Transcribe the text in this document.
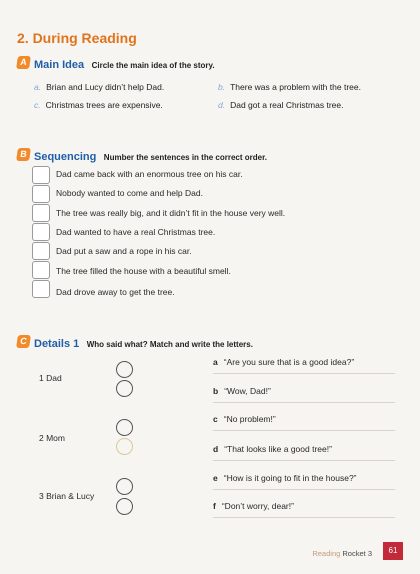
2. During Reading
A Main Idea Circle the main idea of the story.
a. Brian and Lucy didn’t help Dad.	b. There was a problem with the tree.
c. Christmas trees are expensive.	d. Dad got a real Christmas tree.
B Sequencing Number the sentences in the correct order.
Dad came back with an enormous tree on his car.
Nobody wanted to come and help Dad.
The tree was really big, and it didn’t fit in the house very well.
Dad wanted to have a real Christmas tree.
Dad put a saw and a rope in his car.
The tree filled the house with a beautiful smell.
Dad drove away to get the tree.
C Details 1 Who said what? Match and write the letters.
1 Dad
2 Mom
3 Brian & Lucy
a “Are you sure that is a good idea?”
b “Wow, Dad!”
c “No problem!”
d “That looks like a good tree!”
e “How is it going to fit in the house?”
f “Don’t worry, dear!”
Reading Rocket 3	61
